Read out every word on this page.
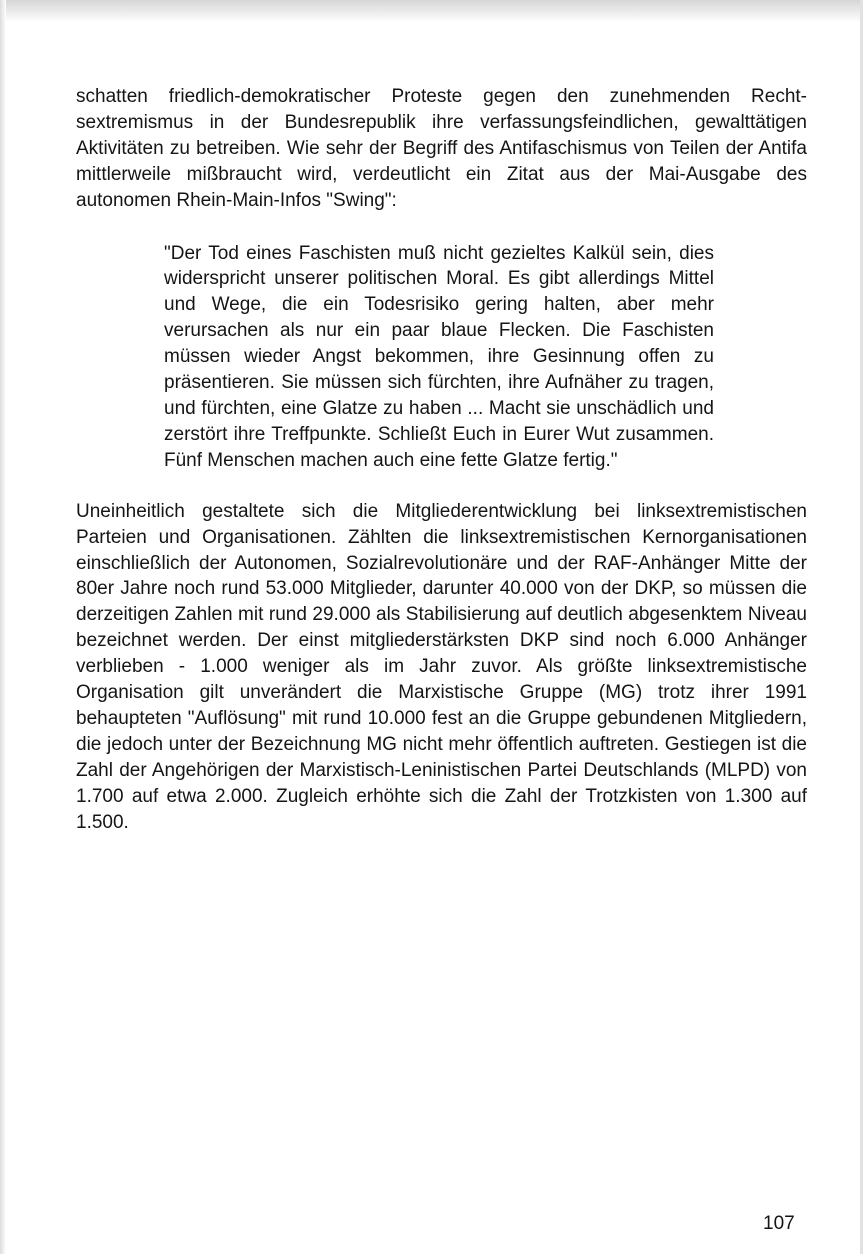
schatten friedlich-demokratischer Proteste gegen den zunehmenden Rechtsextremismus in der Bundesrepublik ihre verfassungsfeindlichen, gewalttätigen Aktivitäten zu betreiben. Wie sehr der Begriff des Antifaschismus von Teilen der Antifa mittlerweile mißbraucht wird, verdeutlicht ein Zitat aus der Mai-Ausgabe des autonomen Rhein-Main-Infos "Swing":

"Der Tod eines Faschisten muß nicht gezieltes Kalkül sein, dies widerspricht unserer politischen Moral. Es gibt allerdings Mittel und Wege, die ein Todesrisiko gering halten, aber mehr verursachen als nur ein paar blaue Flecken. Die Faschisten müssen wieder Angst bekommen, ihre Gesinnung offen zu präsentieren. Sie müssen sich fürchten, ihre Aufnäher zu tragen, und fürchten, eine Glatze zu haben ... Macht sie unschädlich und zerstört ihre Treffpunkte. Schließt Euch in Eurer Wut zusammen. Fünf Menschen machen auch eine fette Glatze fertig."

Uneinheitlich gestaltete sich die Mitgliederentwicklung bei linksextremistischen Parteien und Organisationen. Zählten die linksextremistischen Kernorganisationen einschließlich der Autonomen, Sozialrevolutionäre und der RAF-Anhänger Mitte der 80er Jahre noch rund 53.000 Mitglieder, darunter 40.000 von der DKP, so müssen die derzeitigen Zahlen mit rund 29.000 als Stabilisierung auf deutlich abgesenktem Niveau bezeichnet werden. Der einst mitgliederstärksten DKP sind noch 6.000 Anhänger verblieben - 1.000 weniger als im Jahr zuvor. Als größte linksextremistische Organisation gilt unverändert die Marxistische Gruppe (MG) trotz ihrer 1991 behaupteten "Auflösung" mit rund 10.000 fest an die Gruppe gebundenen Mitgliedern, die jedoch unter der Bezeichnung MG nicht mehr öffentlich auftreten. Gestiegen ist die Zahl der Angehörigen der Marxistisch-Leninistischen Partei Deutschlands (MLPD) von 1.700 auf etwa 2.000. Zugleich erhöhte sich die Zahl der Trotzkisten von 1.300 auf 1.500.

107
